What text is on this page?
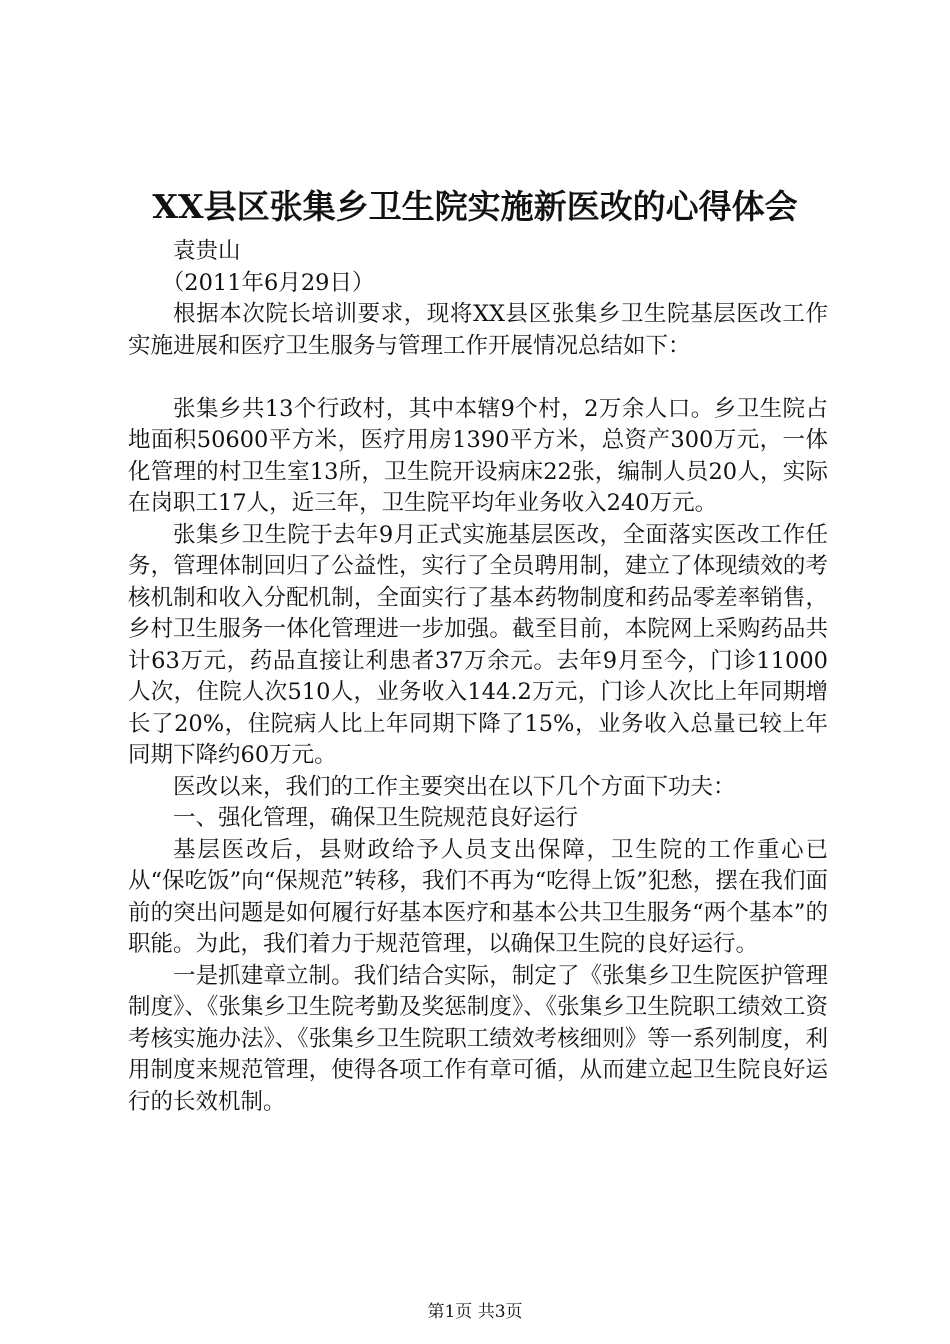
XX县区张集乡卫生院实施新医改的心得体会

袁贵山

（2011年6月29日）

根据本次院长培训要求，现将XX县区张集乡卫生院基层医改工作实施进展和医疗卫生服务与管理工作开展情况总结如下：

张集乡共13个行政村，其中本辖9个村，2万余人口。乡卫生院占地面积50600平方米，医疗用房1390平方米，总资产300万元，一体化管理的村卫生室13所，卫生院开设病床22张，编制人员20人，实际在岗职工17人，近三年，卫生院平均年业务收入240万元。

张集乡卫生院于去年9月正式实施基层医改，全面落实医改工作任务，管理体制回归了公益性，实行了全员聘用制，建立了体现绩效的考核机制和收入分配机制，全面实行了基本药物制度和药品零差率销售，乡村卫生服务一体化管理进一步加强。截至目前，本院网上采购药品共计63万元，药品直接让利患者37万余元。去年9月至今，门诊11000人次，住院人次510人，业务收入144.2万元，门诊人次比上年同期增长了20%，住院病人比上年同期下降了15%，业务收入总量已较上年同期下降约60万元。

医改以来，我们的工作主要突出在以下几个方面下功夫：

一、强化管理，确保卫生院规范良好运行

基层医改后，县财政给予人员支出保障，卫生院的工作重心已从“保吃饭”向“保规范”转移，我们不再为“吃得上饭”犯愁，摆在我们面前的突出问题是如何履行好基本医疗和基本公共卫生服务“两个基本”的职能。为此，我们着力于规范管理，以确保卫生院的良好运行。

一是抓建章立制。我们结合实际，制定了《张集乡卫生院医护管理制度》、《张集乡卫生院考勤及奖惩制度》、《张集乡卫生院职工绩效工资考核实施办法》、《张集乡卫生院职工绩效考核细则》等一系列制度，利用制度来规范管理，使得各项工作有章可循，从而建立起卫生院良好运行的长效机制。

第1页 共3页
